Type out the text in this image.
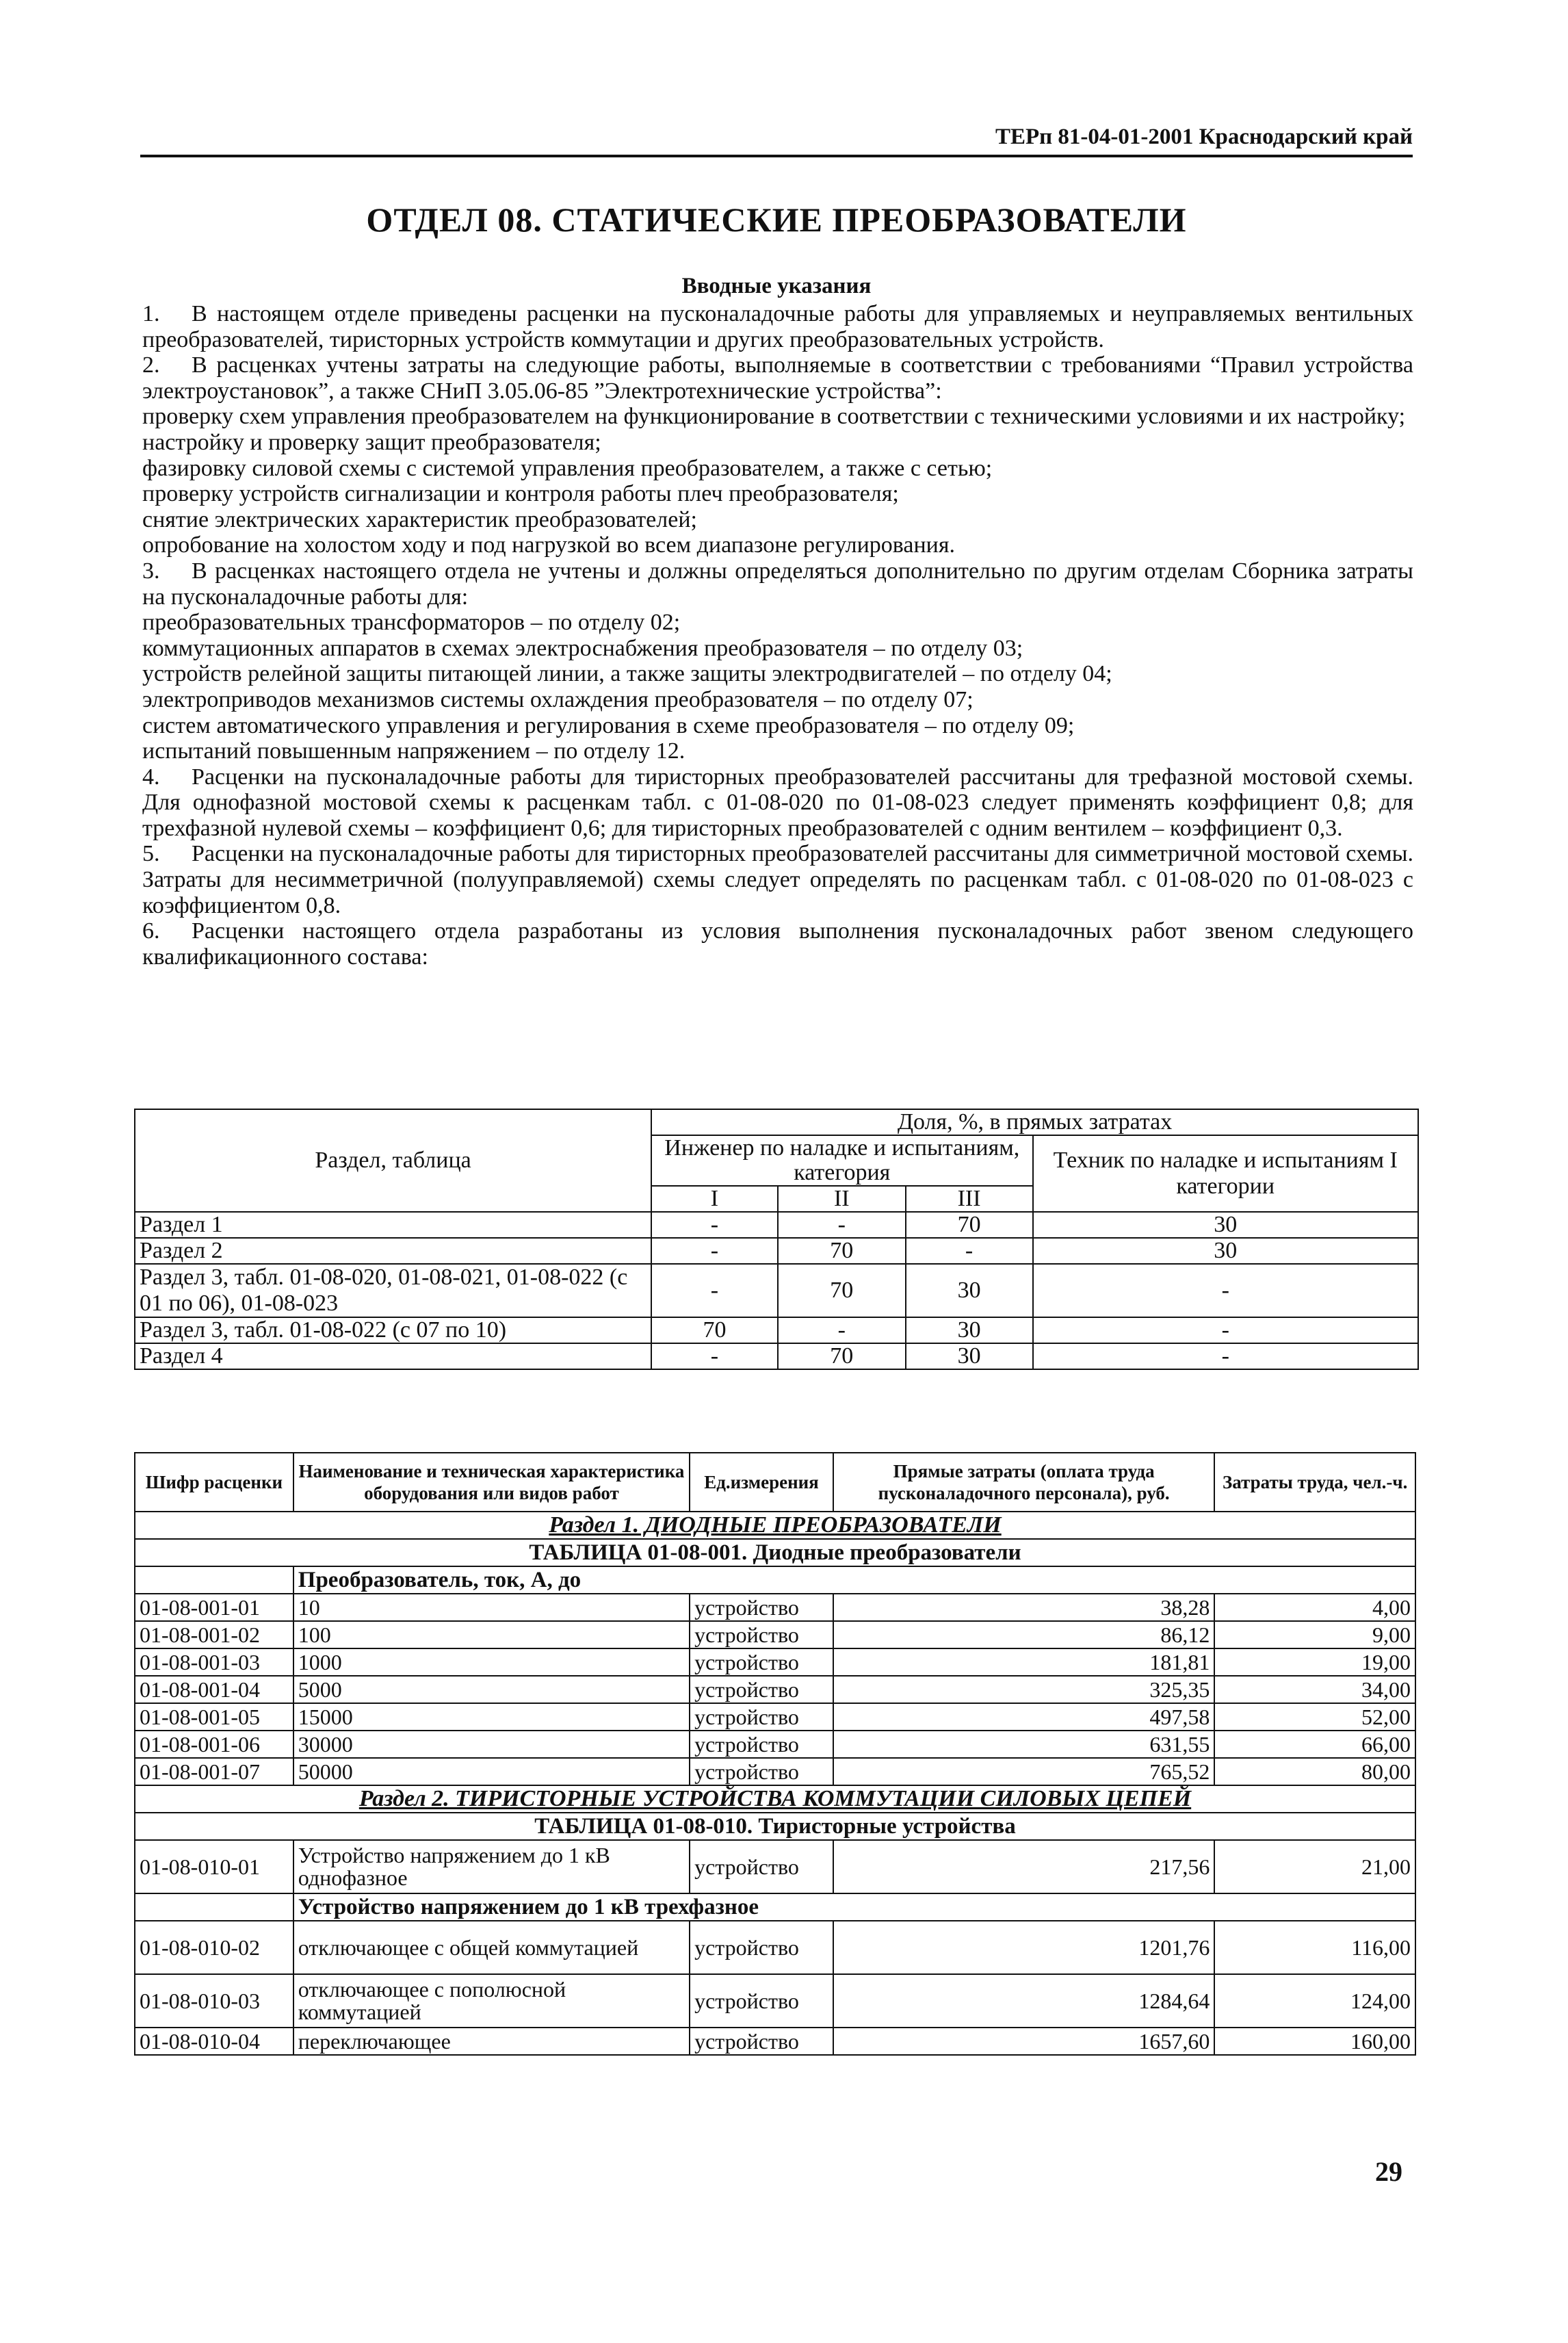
ТЕРп 81-04-01-2001 Краснодарский край
ОТДЕЛ 08. СТАТИЧЕСКИЕ ПРЕОБРАЗОВАТЕЛИ
Вводные указания

1. В настоящем отделе приведены расценки на пусконаладочные работы для управляемых и неуправляемых вентильных преобразователей, тиристорных устройств коммутации и других преобразовательных устройств.

2. В расценках учтены затраты на следующие работы, выполняемые в соответствии с требованиями “Правил устройства электроустановок”, а также СНиП 3.05.06-85 ”Электротехнические устройства”:

проверку схем управления преобразователем на функционирование в соответствии с техническими условиями и их настройку;

настройку и проверку защит преобразователя;

фазировку силовой схемы с системой управления преобразователем, а также с сетью;

проверку устройств сигнализации и контроля работы плеч преобразователя;

снятие электрических характеристик преобразователей;

опробование на холостом ходу и под нагрузкой во всем диапазоне регулирования.

3. В расценках настоящего отдела не учтены и должны определяться дополнительно по другим отделам Сборника затраты на пусконаладочные работы для:

преобразовательных трансформаторов – по отделу 02;

коммутационных аппаратов в схемах электроснабжения преобразователя – по отделу 03;

устройств релейной защиты питающей линии, а также защиты электродвигателей – по отделу 04;

электроприводов механизмов системы охлаждения преобразователя – по отделу 07;

систем автоматического управления и регулирования в схеме преобразователя – по отделу 09;

испытаний повышенным напряжением – по отделу 12.

4. Расценки на пусконаладочные работы для тиристорных преобразователей рассчитаны для трефазной мостовой схемы. Для однофазной мостовой схемы к расценкам табл. с 01-08-020 по 01-08-023 следует применять коэффициент 0,8; для трехфазной нулевой схемы – коэффициент 0,6; для тиристорных преобразователей с одним вентилем – коэффициент 0,3.

5. Расценки на пусконаладочные работы для тиристорных преобразователей рассчитаны для симметричной мостовой схемы. Затраты для несимметричной (полууправляемой) схемы следует определять по расценкам табл. с 01-08-020 по 01-08-023 с коэффициентом 0,8.

6. Расценки настоящего отдела разработаны из условия выполнения пусконаладочных работ звеном следующего квалификационного состава:

Раздел, таблица	Доля, %, в прямых затратах			
	Инженер по наладке и испытаниям, категория			Техник по наладке и испытаниям I категории
	I	II	III	
Раздел 1	-	-	70	30
Раздел 2	-	70	-	30
Раздел 3, табл. 01-08-020, 01-08-021, 01-08-022 (с 01 по 06), 01-08-023	-	70	30	-
Раздел 3, табл. 01-08-022 (с 07 по 10)	70	-	30	-
Раздел 4	-	70	30	-
Шифр расценки	Наименование и техническая характеристика оборудования или видов работ	Ед.измерения	Прямые затраты (оплата труда пусконаладочного персонала), руб.	Затраты труда, чел.-ч.
Раздел 1. ДИОДНЫЕ ПРЕОБРАЗОВАТЕЛИ				
ТАБЛИЦА 01-08-001. Диодные преобразователи				
	Преобразователь, ток, А, до			
01-08-001-01	10	устройство	38,28	4,00
01-08-001-02	100	устройство	86,12	9,00
01-08-001-03	1000	устройство	181,81	19,00
01-08-001-04	5000	устройство	325,35	34,00
01-08-001-05	15000	устройство	497,58	52,00
01-08-001-06	30000	устройство	631,55	66,00
01-08-001-07	50000	устройство	765,52	80,00
Раздел 2. ТИРИСТОРНЫЕ УСТРОЙСТВА КОММУТАЦИИ СИЛОВЫХ ЦЕПЕЙ				
ТАБЛИЦА 01-08-010. Тиристорные устройства				
01-08-010-01	Устройство напряжением до 1 кВ однофазное	устройство	217,56	21,00
	Устройство напряжением до 1 кВ трехфазное			
01-08-010-02	отключающее с общей коммутацией	устройство	1201,76	116,00
01-08-010-03	отключающее с пополюсной коммутацией	устройство	1284,64	124,00
01-08-010-04	переключающее	устройство	1657,60	160,00
29
